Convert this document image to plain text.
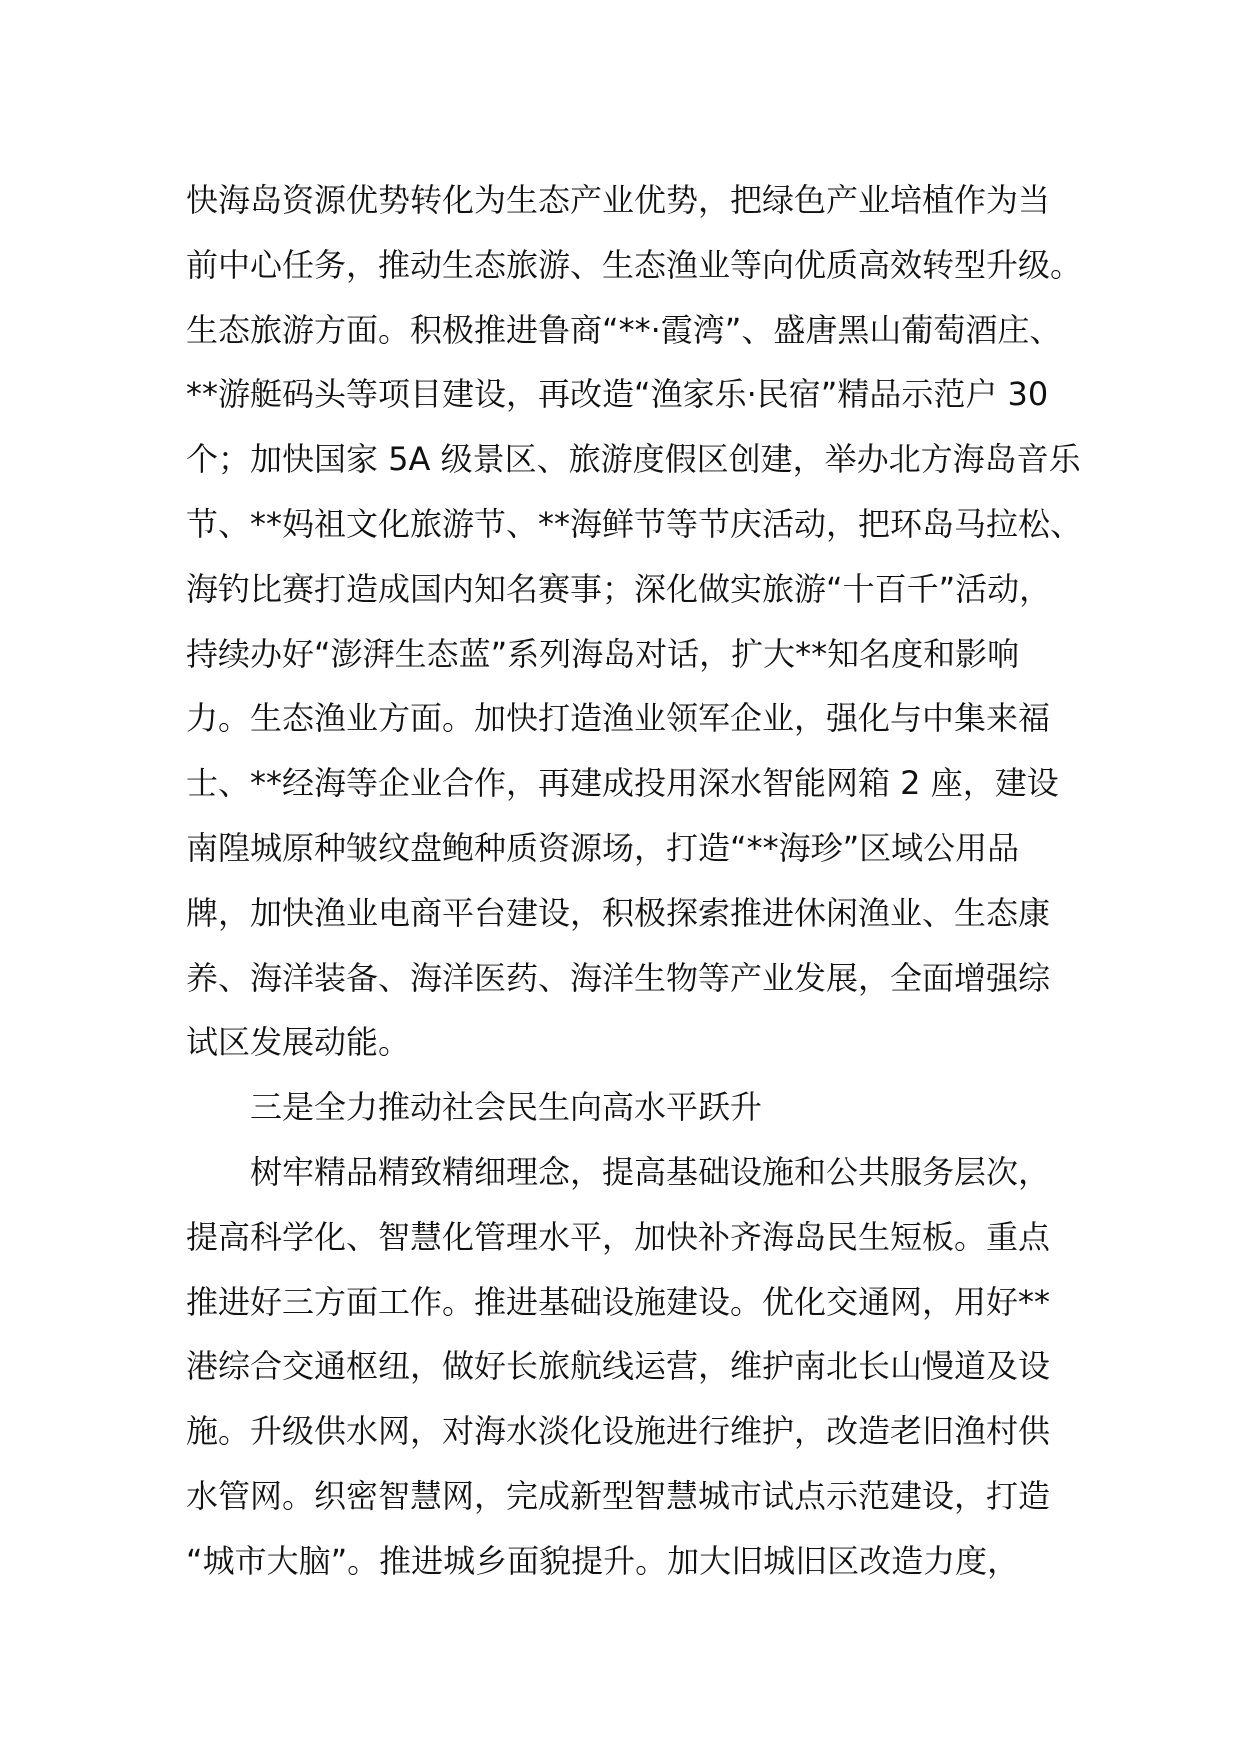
快海岛资源优势转化为生态产业优势，把绿色产业培植作为当
前中心任务，推动生态旅游、生态渔业等向优质高效转型升级。
生态旅游方面。积极推进鲁商“**·霞湾”、盛唐黑山葡萄酒庄、
**游艇码头等项目建设，再改造“渔家乐·民宿”精品示范户 30
个；加快国家 5A 级景区、旅游度假区创建，举办北方海岛音乐
节、**妈祖文化旅游节、**海鲜节等节庆活动，把环岛马拉松、
海钓比赛打造成国内知名赛事；深化做实旅游“十百千”活动，
持续办好“澎湃生态蓝”系列海岛对话，扩大**知名度和影响
力。生态渔业方面。加快打造渔业领军企业，强化与中集来福
士、**经海等企业合作，再建成投用深水智能网箱 2 座，建设
南隍城原种皱纹盘鲍种质资源场，打造“**海珍”区域公用品
牌，加快渔业电商平台建设，积极探索推进休闲渔业、生态康
养、海洋装备、海洋医药、海洋生物等产业发展，全面增强综
试区发展动能。
三是全力推动社会民生向高水平跃升
树牢精品精致精细理念，提高基础设施和公共服务层次，
提高科学化、智慧化管理水平，加快补齐海岛民生短板。重点
推进好三方面工作。推进基础设施建设。优化交通网，用好**
港综合交通枢纽，做好长旅航线运营，维护南北长山慢道及设
施。升级供水网，对海水淡化设施进行维护，改造老旧渔村供
水管网。织密智慧网，完成新型智慧城市试点示范建设，打造
“城市大脑”。推进城乡面貌提升。加大旧城旧区改造力度，
